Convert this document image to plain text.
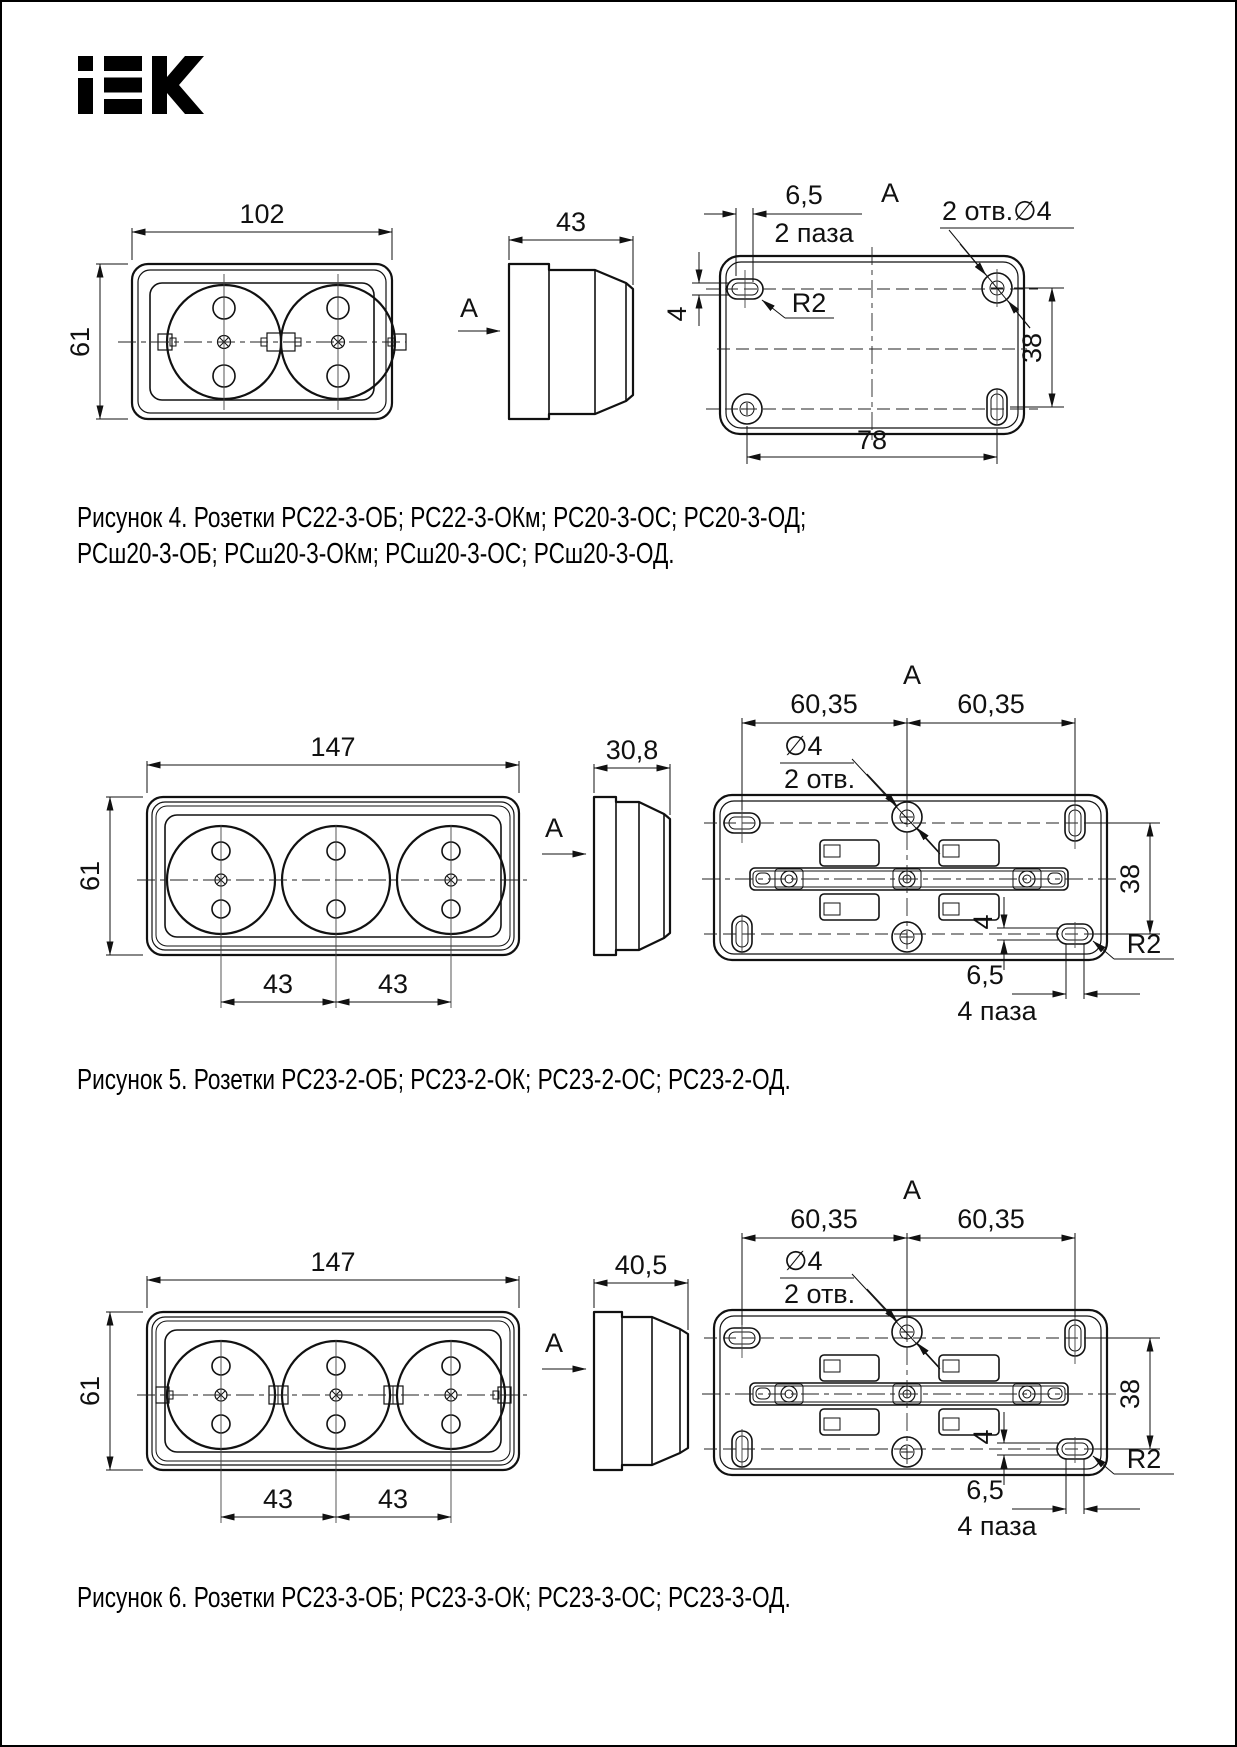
102
61
А
43
6,5
2 паза
А
2 отв.∅4
R2
4
38
78
Рисунок 4. Розетки РС22-3-ОБ; РС22-3-ОКм; РС20-3-ОС; РС20-3-ОД;
РСш20-3-ОБ; РСш20-3-ОКм; РСш20-3-ОС; РСш20-3-ОД.
147
61
43	43
А
30,8
60,35	60,35
А
∅4
2 отв.
38
4
6,5
4 паза
R2
Рисунок 5. Розетки РС23-2-ОБ; РС23-2-ОК; РС23-2-ОС; РС23-2-ОД.
147
61
43	43
А
40,5
60,35	60,35
А
∅4
2 отв.
38
4
6,5
4 паза
R2
Рисунок 6. Розетки РС23-3-ОБ; РС23-3-ОК; РС23-3-ОС; РС23-3-ОД.
